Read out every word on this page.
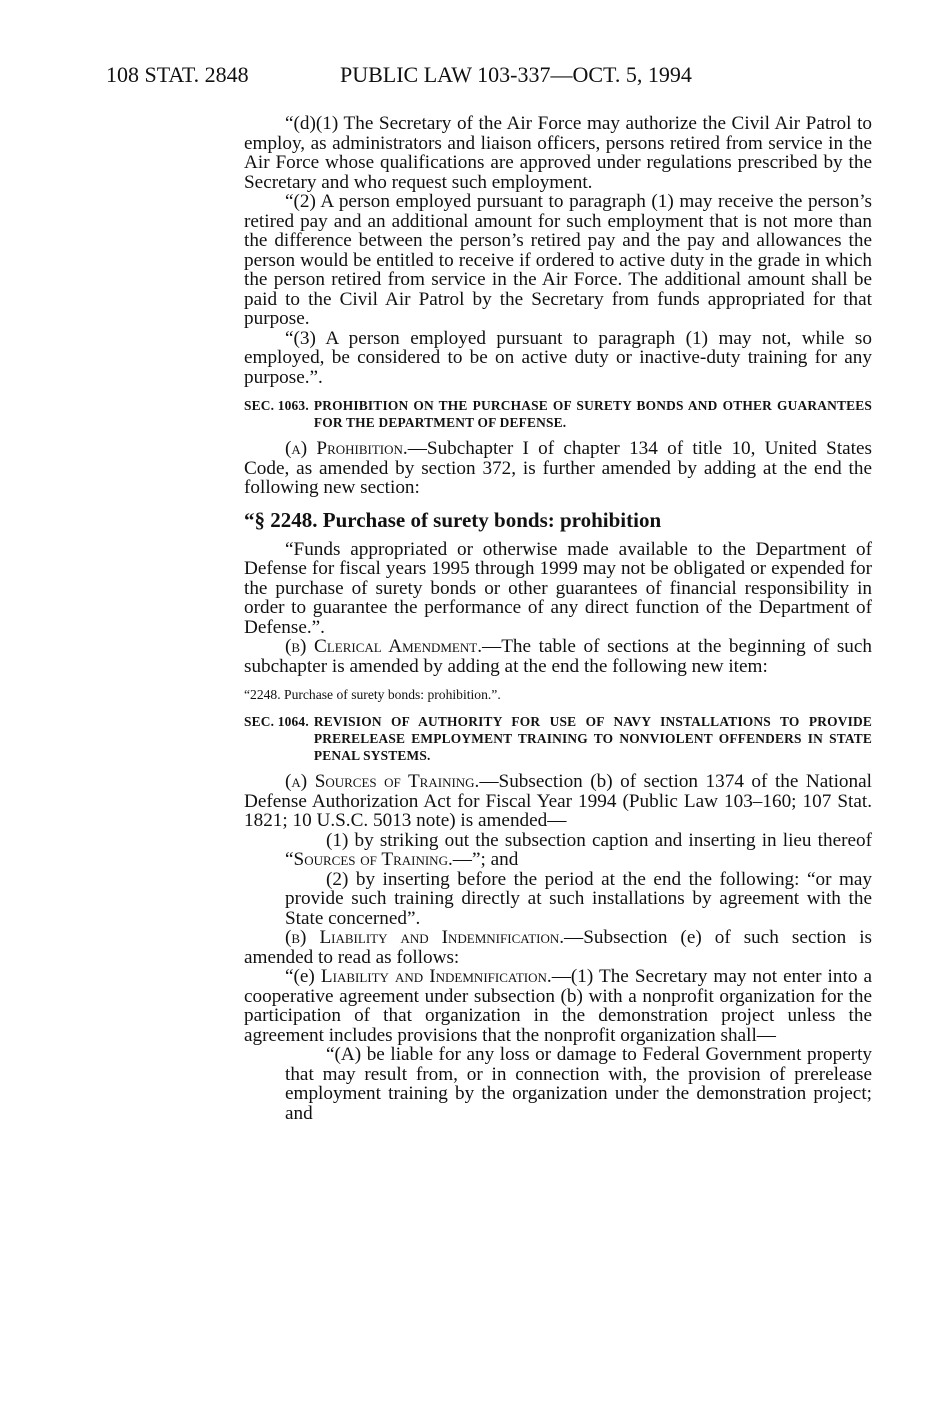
108 STAT. 2848	PUBLIC LAW 103-337—OCT. 5, 1994

“(d)(1) The Secretary of the Air Force may authorize the Civil Air Patrol to employ, as administrators and liaison officers, persons retired from service in the Air Force whose qualifications are approved under regulations prescribed by the Secretary and who request such employment.

“(2) A person employed pursuant to paragraph (1) may receive the person’s retired pay and an additional amount for such employment that is not more than the difference between the person’s retired pay and the pay and allowances the person would be entitled to receive if ordered to active duty in the grade in which the person retired from service in the Air Force. The additional amount shall be paid to the Civil Air Patrol by the Secretary from funds appropriated for that purpose.

“(3) A person employed pursuant to paragraph (1) may not, while so employed, be considered to be on active duty or inactive-duty training for any purpose.”.

SEC. 1063. PROHIBITION ON THE PURCHASE OF SURETY BONDS AND OTHER GUARANTEES FOR THE DEPARTMENT OF DEFENSE.

(a) Prohibition.—Subchapter I of chapter 134 of title 10, United States Code, as amended by section 372, is further amended by adding at the end the following new section:

“§ 2248. Purchase of surety bonds: prohibition

“Funds appropriated or otherwise made available to the Department of Defense for fiscal years 1995 through 1999 may not be obligated or expended for the purchase of surety bonds or other guarantees of financial responsibility in order to guarantee the performance of any direct function of the Department of Defense.”.

(b) Clerical Amendment.—The table of sections at the beginning of such subchapter is amended by adding at the end the following new item:

“2248. Purchase of surety bonds: prohibition.”.

SEC. 1064. REVISION OF AUTHORITY FOR USE OF NAVY INSTALLATIONS TO PROVIDE PRERELEASE EMPLOYMENT TRAINING TO NONVIOLENT OFFENDERS IN STATE PENAL SYSTEMS.

(a) Sources of Training.—Subsection (b) of section 1374 of the National Defense Authorization Act for Fiscal Year 1994 (Public Law 103–160; 107 Stat. 1821; 10 U.S.C. 5013 note) is amended—

(1) by striking out the subsection caption and inserting in lieu thereof “Sources of Training.—”; and

(2) by inserting before the period at the end the following: “or may provide such training directly at such installations by agreement with the State concerned”.

(b) Liability and Indemnification.—Subsection (e) of such section is amended to read as follows:

“(e) Liability and Indemnification.—(1) The Secretary may not enter into a cooperative agreement under subsection (b) with a nonprofit organization for the participation of that organization in the demonstration project unless the agreement includes provisions that the nonprofit organization shall—

“(A) be liable for any loss or damage to Federal Government property that may result from, or in connection with, the provision of prerelease employment training by the organization under the demonstration project; and
